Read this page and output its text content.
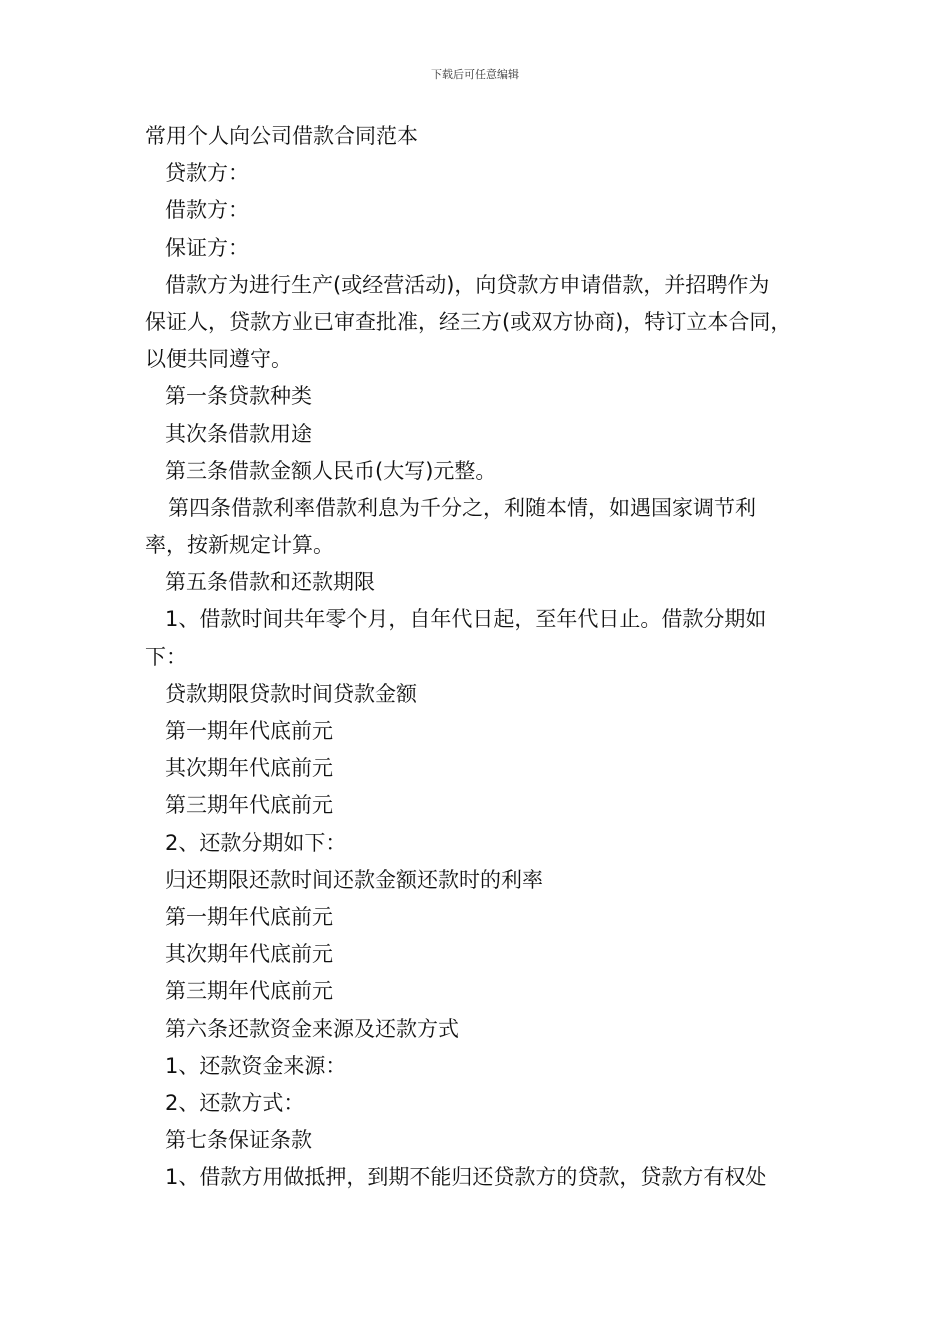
下载后可任意编辑
常用个人向公司借款合同范本
贷款方：
借款方：
保证方：
借款方为进行生产(或经营活动)，向贷款方申请借款，并招聘作为
保证人，贷款方业已审查批准，经三方(或双方协商)，特订立本合同，
以便共同遵守。
第一条贷款种类
其次条借款用途
第三条借款金额人民币(大写)元整。
第四条借款利率借款利息为千分之，利随本情，如遇国家调节利
率，按新规定计算。
第五条借款和还款期限
1、借款时间共年零个月，自年代日起，至年代日止。借款分期如
下：
贷款期限贷款时间贷款金额
第一期年代底前元
其次期年代底前元
第三期年代底前元
2、还款分期如下：
归还期限还款时间还款金额还款时的利率
第一期年代底前元
其次期年代底前元
第三期年代底前元
第六条还款资金来源及还款方式
1、还款资金来源：
2、还款方式：
第七条保证条款
1、借款方用做抵押，到期不能归还贷款方的贷款，贷款方有权处
